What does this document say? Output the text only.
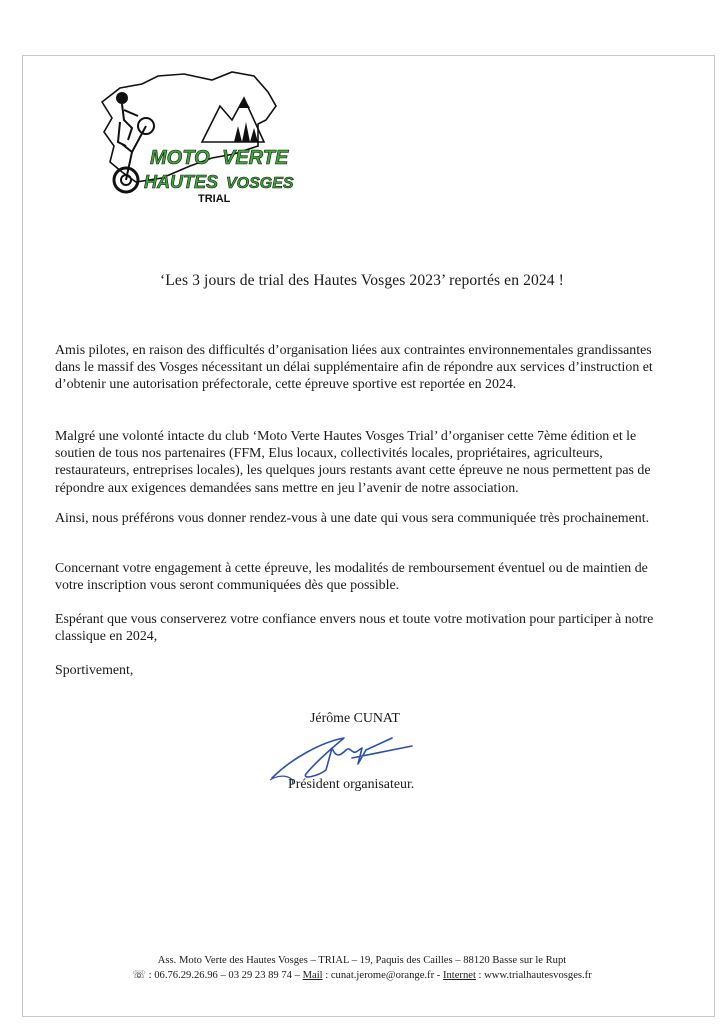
MOTO VERTE
HAUTES VOSGES
TRIAL
‘Les 3 jours de trial des Hautes Vosges 2023’ reportés en 2024 !

Amis pilotes, en raison des difficultés d’organisation liées aux contraintes environnementales grandissantes dans le massif des Vosges nécessitant un délai supplémentaire afin de répondre aux services d’instruction et d’obtenir une autorisation préfectorale, cette épreuve sportive est reportée en 2024.

Malgré une volonté intacte du club ‘Moto Verte Hautes Vosges Trial’ d’organiser cette 7ème édition et le soutien de tous nos partenaires (FFM, Elus locaux, collectivités locales, propriétaires, agriculteurs, restaurateurs, entreprises locales), les quelques jours restants avant cette épreuve ne nous permettent pas de répondre aux exigences demandées sans mettre en jeu l’avenir de notre association.

Ainsi, nous préférons vous donner rendez-vous à une date qui vous sera communiquée très prochainement.

Concernant votre engagement à cette épreuve, les modalités de remboursement éventuel ou de maintien de votre inscription vous seront communiquées dès que possible.

Espérant que vous conserverez votre confiance envers nous et toute votre motivation pour participer à notre classique en 2024,

Sportivement,

Jérôme CUNAT
Président organisateur.
Ass. Moto Verte des Hautes Vosges – TRIAL – 19, Paquis des Cailles – 88120 Basse sur le Rupt
☏ : 06.76.29.26.96 – 03 29 23 89 74 – Mail : cunat.jerome@orange.fr - Internet : www.trialhautesvosges.fr
